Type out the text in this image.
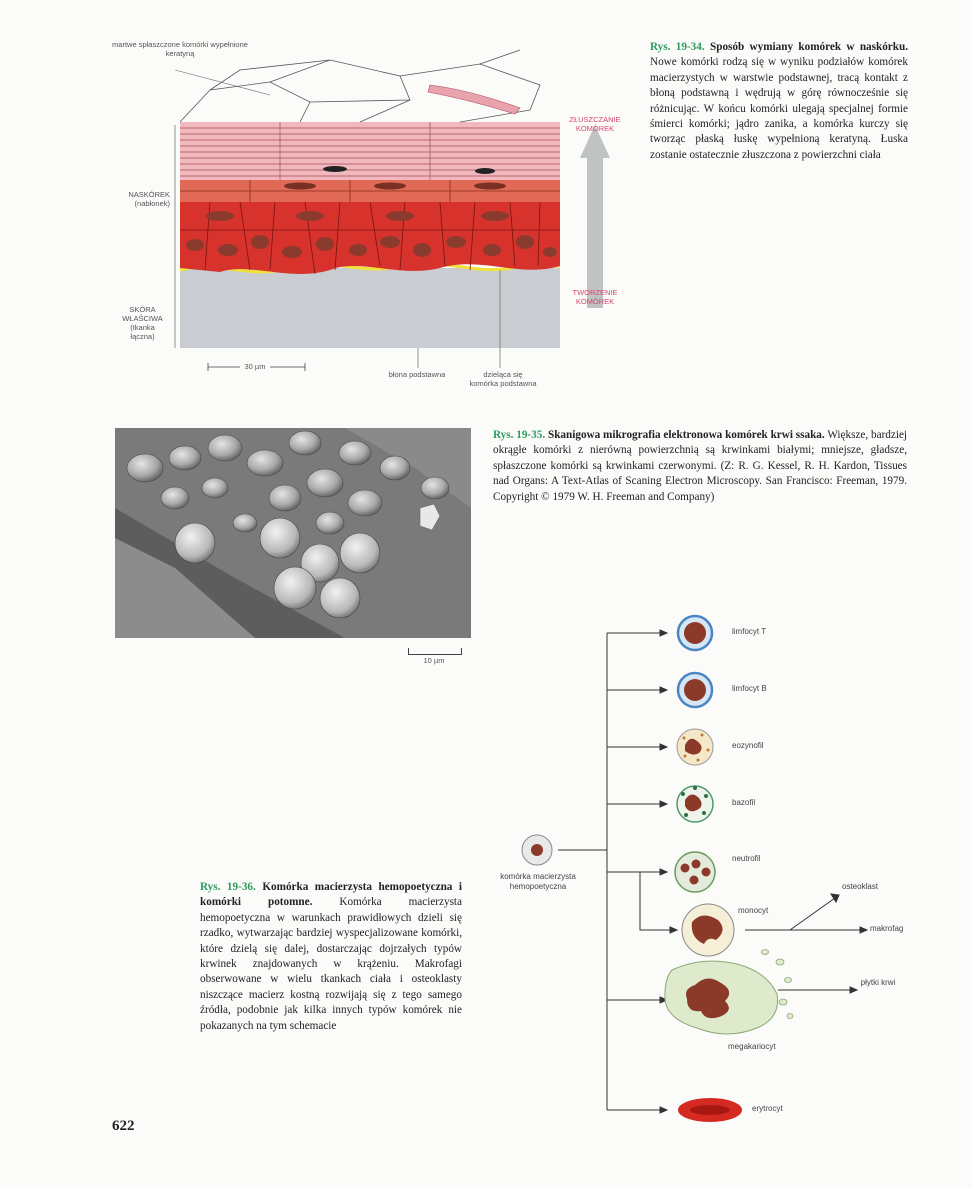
martwe spłaszczone komórki wypełnione keratyną
ZŁUSZCZANIE KOMÓREK
NASKÓREK (nabłonek)
SKÓRA WŁAŚCIWA (tkanka łączna)
TWORZENIE KOMÓREK
30 µm
błona podstawna	dzieląca się komórka podstawna
Rys. 19-34. Sposób wymiany komórek w naskórku. Nowe komórki rodzą się w wyniku podziałów komórek macierzystych w warstwie podstawnej, tracą kontakt z błoną podstawną i wędrują w górę równocześnie się różnicując. W końcu komórki ulegają specjalnej formie śmierci komórki; jądro zanika, a komórka kurczy się tworząc płaską łuskę wypełnioną keratyną. Łuska zostanie ostatecznie złuszczona z powierzchni ciała
10 µm
Rys. 19-35. Skanigowa mikrografia elektronowa komórek krwi ssaka. Większe, bardziej okrągłe komórki z nierówną powierzchnią są krwinkami białymi; mniejsze, gładsze, spłaszczone komórki są krwinkami czerwonymi. (Z: R. G. Kessel, R. H. Kardon, Tissues nad Organs: A Text-Atlas of Scaning Electron Microscopy. San Francisco: Freeman, 1979. Copyright © 1979 W. H. Freeman and Company)
limfocyt T
limfocyt B
eozynofil
bazofil
neutrofil
monocyt
megakariocyt
erytrocyt
osteoklast
makrofag
płytki krwi
komórka macierzysta hemopoetyczna
Rys. 19-36. Komórka macierzysta hemopoetyczna i komórki potomne. Komórka macierzysta hemopoetyczna w warunkach prawidłowych dzieli się rzadko, wytwarzając bardziej wyspecjalizowane komórki, które dzielą się dalej, dostarczając dojrzałych typów krwinek znajdowanych w krążeniu. Makrofagi obserwowane w wielu tkankach ciała i osteoklasty niszczące macierz kostną rozwijają się z tego samego źródła, podobnie jak kilka innych typów komórek nie pokazanych na tym schemacie
622
